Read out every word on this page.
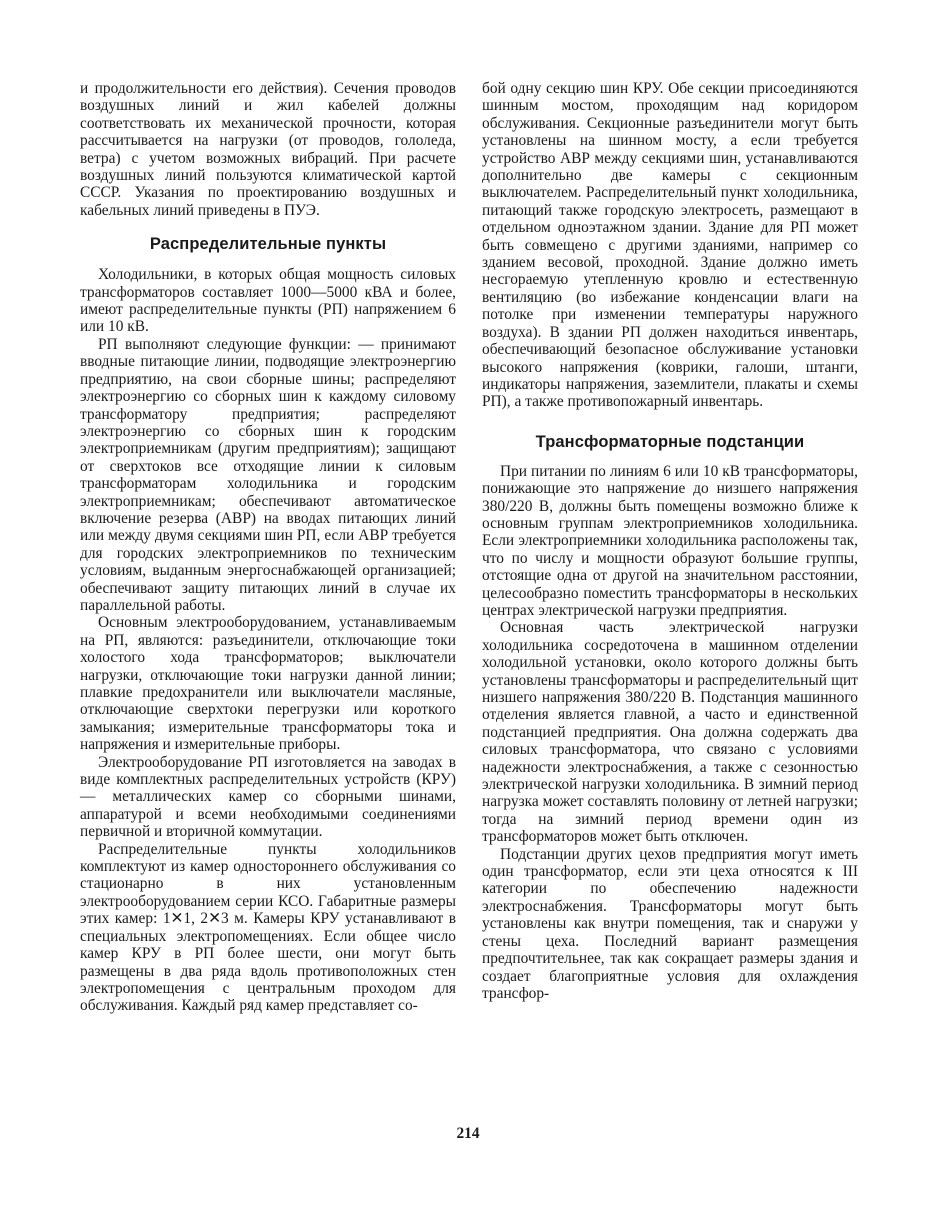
и продолжительности его действия). Сечения проводов воздушных линий и жил кабелей должны соответствовать их механической прочности, которая рассчитывается на нагрузки (от проводов, гололеда, ветра) с учетом возможных вибраций. При расчете воздушных линий пользуются климатической картой СССР. Указания по проектированию воздушных и кабельных линий приведены в ПУЭ.

Распределительные пункты

Холодильники, в которых общая мощность силовых трансформаторов составляет 1000—5000 кВА и более, имеют распределительные пункты (РП) напряжением 6 или 10 кВ.

РП выполняют следующие функции: — принимают вводные питающие линии, подводящие электроэнергию предприятию, на свои сборные шины; распределяют электроэнергию со сборных шин к каждому силовому трансформатору предприятия; распределяют электроэнергию со сборных шин к городским электроприемникам (другим предприятиям); защищают от сверхтоков все отходящие линии к силовым трансформаторам холодильника и городским электроприемникам; обеспечивают автоматическое включение резерва (АВР) на вводах питающих линий или между двумя секциями шин РП, если АВР требуется для городских электроприемников по техническим условиям, выданным энергоснабжающей организацией; обеспечивают защиту питающих линий в случае их параллельной работы.

Основным электрооборудованием, устанавливаемым на РП, являются: разъединители, отключающие токи холостого хода трансформаторов; выключатели нагрузки, отключающие токи нагрузки данной линии; плавкие предохранители или выключатели масляные, отключающие сверхтоки перегрузки или короткого замыкания; измерительные трансформаторы тока и напряжения и измерительные приборы.

Электрооборудование РП изготовляется на заводах в виде комплектных распределительных устройств (КРУ) — металлических камер со сборными шинами, аппаратурой и всеми необходимыми соединениями первичной и вторичной коммутации.

Распределительные пункты холодильников комплектуют из камер одностороннего обслуживания со стационарно в них установленным электрооборудованием серии КСО. Габаритные размеры этих камер: 1✕1, 2✕3 м. Камеры КРУ устанавливают в специальных электропомещениях. Если общее число камер КРУ в РП более шести, они могут быть размещены в два ряда вдоль противоположных стен электропомещения с центральным проходом для обслуживания. Каждый ряд камер представляет со-

бой одну секцию шин КРУ. Обе секции присоединяются шинным мостом, проходящим над коридором обслуживания. Секционные разъединители могут быть установлены на шинном мосту, а если требуется устройство АВР между секциями шин, устанавливаются дополнительно две камеры с секционным выключателем. Распределительный пункт холодильника, питающий также городскую электросеть, размещают в отдельном одноэтажном здании. Здание для РП может быть совмещено с другими зданиями, например со зданием весовой, проходной. Здание должно иметь несгораемую утепленную кровлю и естественную вентиляцию (во избежание конденсации влаги на потолке при изменении температуры наружного воздуха). В здании РП должен находиться инвентарь, обеспечивающий безопасное обслуживание установки высокого напряжения (коврики, галоши, штанги, индикаторы напряжения, заземлители, плакаты и схемы РП), а также противопожарный инвентарь.

Трансформаторные подстанции

При питании по линиям 6 или 10 кВ трансформаторы, понижающие это напряжение до низшего напряжения 380/220 В, должны быть помещены возможно ближе к основным группам электроприемников холодильника. Если электроприемники холодильника расположены так, что по числу и мощности образуют большие группы, отстоящие одна от другой на значительном расстоянии, целесообразно поместить трансформаторы в нескольких центрах электрической нагрузки предприятия.

Основная часть электрической нагрузки холодильника сосредоточена в машинном отделении холодильной установки, около которого должны быть установлены трансформаторы и распределительный щит низшего напряжения 380/220 В. Подстанция машинного отделения является главной, а часто и единственной подстанцией предприятия. Она должна содержать два силовых трансформатора, что связано с условиями надежности электроснабжения, а также с сезонностью электрической нагрузки холодильника. В зимний период нагрузка может составлять половину от летней нагрузки; тогда на зимний период времени один из трансформаторов может быть отключен.

Подстанции других цехов предприятия могут иметь один трансформатор, если эти цеха относятся к III категории по обеспечению надежности электроснабжения. Трансформаторы могут быть установлены как внутри помещения, так и снаружи у стены цеха. Последний вариант размещения предпочтительнее, так как сокращает размеры здания и создает благоприятные условия для охлаждения трансфор-

214
